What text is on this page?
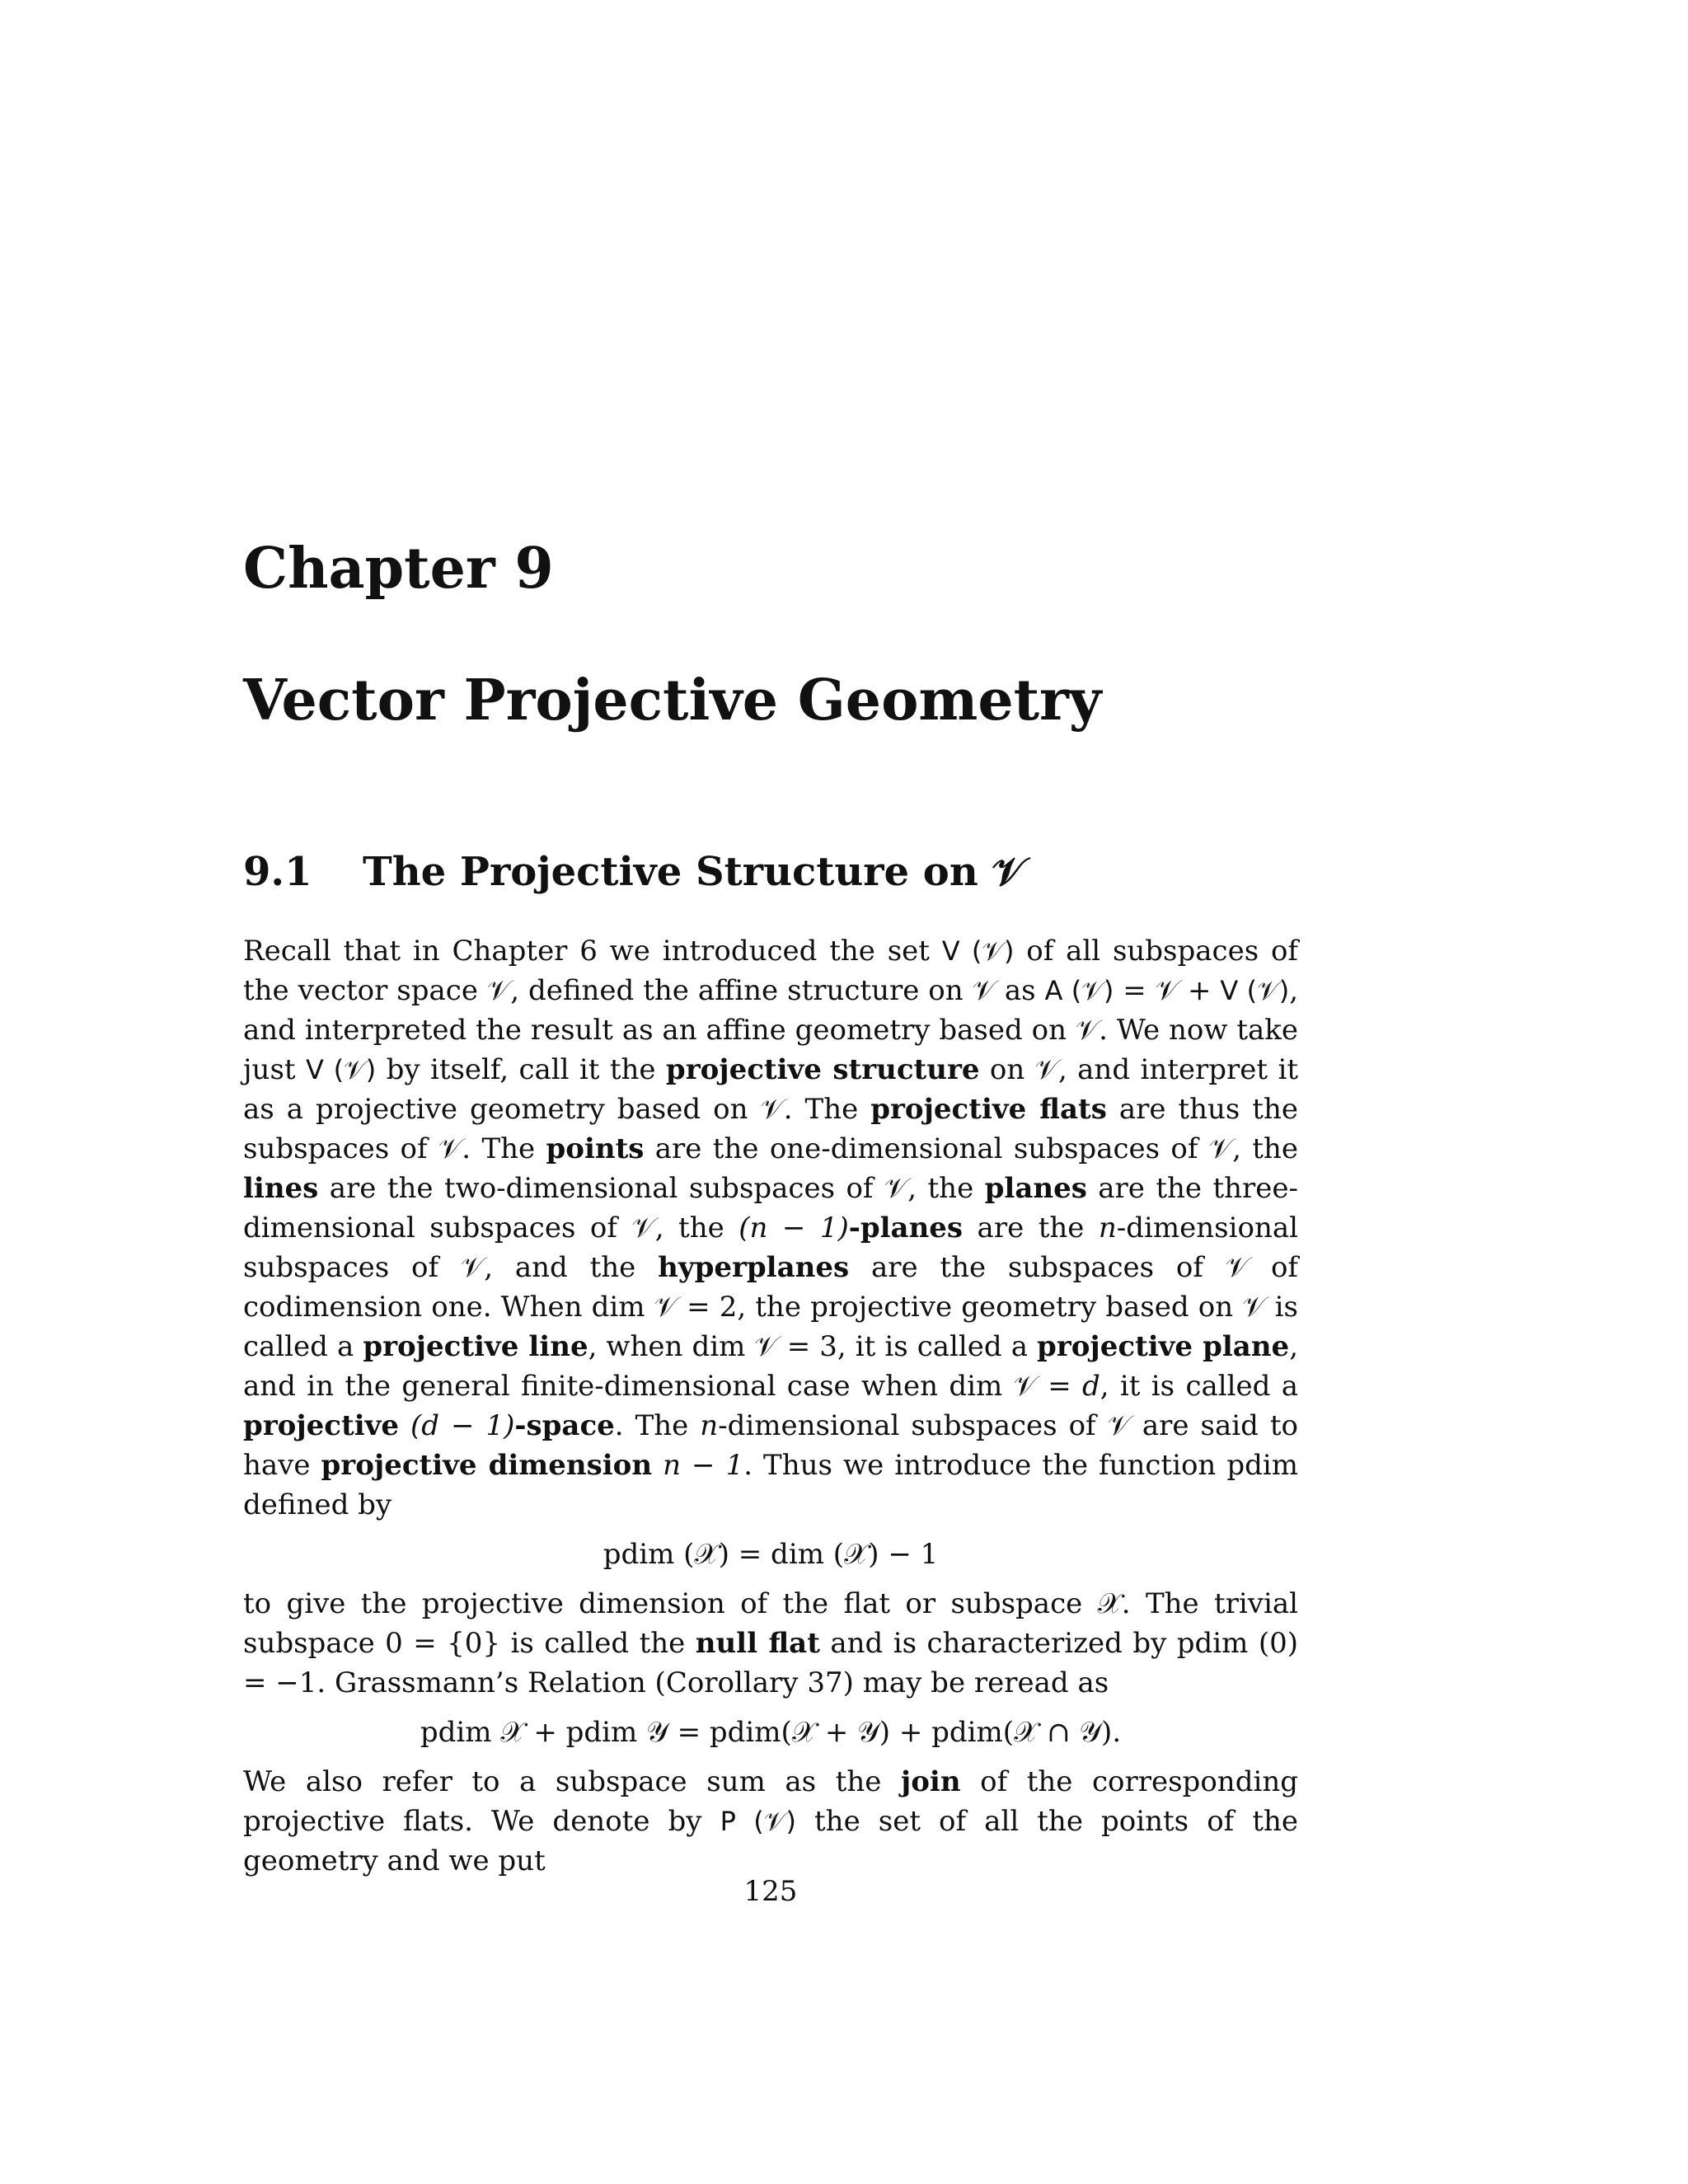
Chapter 9
Vector Projective Geometry
9.1 The Projective Structure on 𝒱

Recall that in Chapter 6 we introduced the set V (𝒱) of all subspaces of the vector space 𝒱, defined the affine structure on 𝒱 as A (𝒱) = 𝒱 + V (𝒱), and interpreted the result as an affine geometry based on 𝒱. We now take just V (𝒱) by itself, call it the projective structure on 𝒱, and interpret it as a projective geometry based on 𝒱. The projective flats are thus the subspaces of 𝒱. The points are the one-dimensional subspaces of 𝒱, the lines are the two-dimensional subspaces of 𝒱, the planes are the three-dimensional subspaces of 𝒱, the (n − 1)-planes are the n-dimensional subspaces of 𝒱, and the hyperplanes are the subspaces of 𝒱 of codimension one. When dim 𝒱 = 2, the projective geometry based on 𝒱 is called a projective line, when dim 𝒱 = 3, it is called a projective plane, and in the general finite-dimensional case when dim 𝒱 = d, it is called a projective (d − 1)-space. The n-dimensional subspaces of 𝒱 are said to have projective dimension n − 1. Thus we introduce the function pdim defined by

pdim (𝒳) = dim (𝒳) − 1

to give the projective dimension of the flat or subspace 𝒳. The trivial subspace 0 = {0} is called the null flat and is characterized by pdim (0) = −1. Grassmann’s Relation (Corollary 37) may be reread as

pdim 𝒳 + pdim 𝒴 = pdim(𝒳 + 𝒴) + pdim(𝒳 ∩ 𝒴).

We also refer to a subspace sum as the join of the corresponding projective flats. We denote by P (𝒱) the set of all the points of the geometry and we put

125
